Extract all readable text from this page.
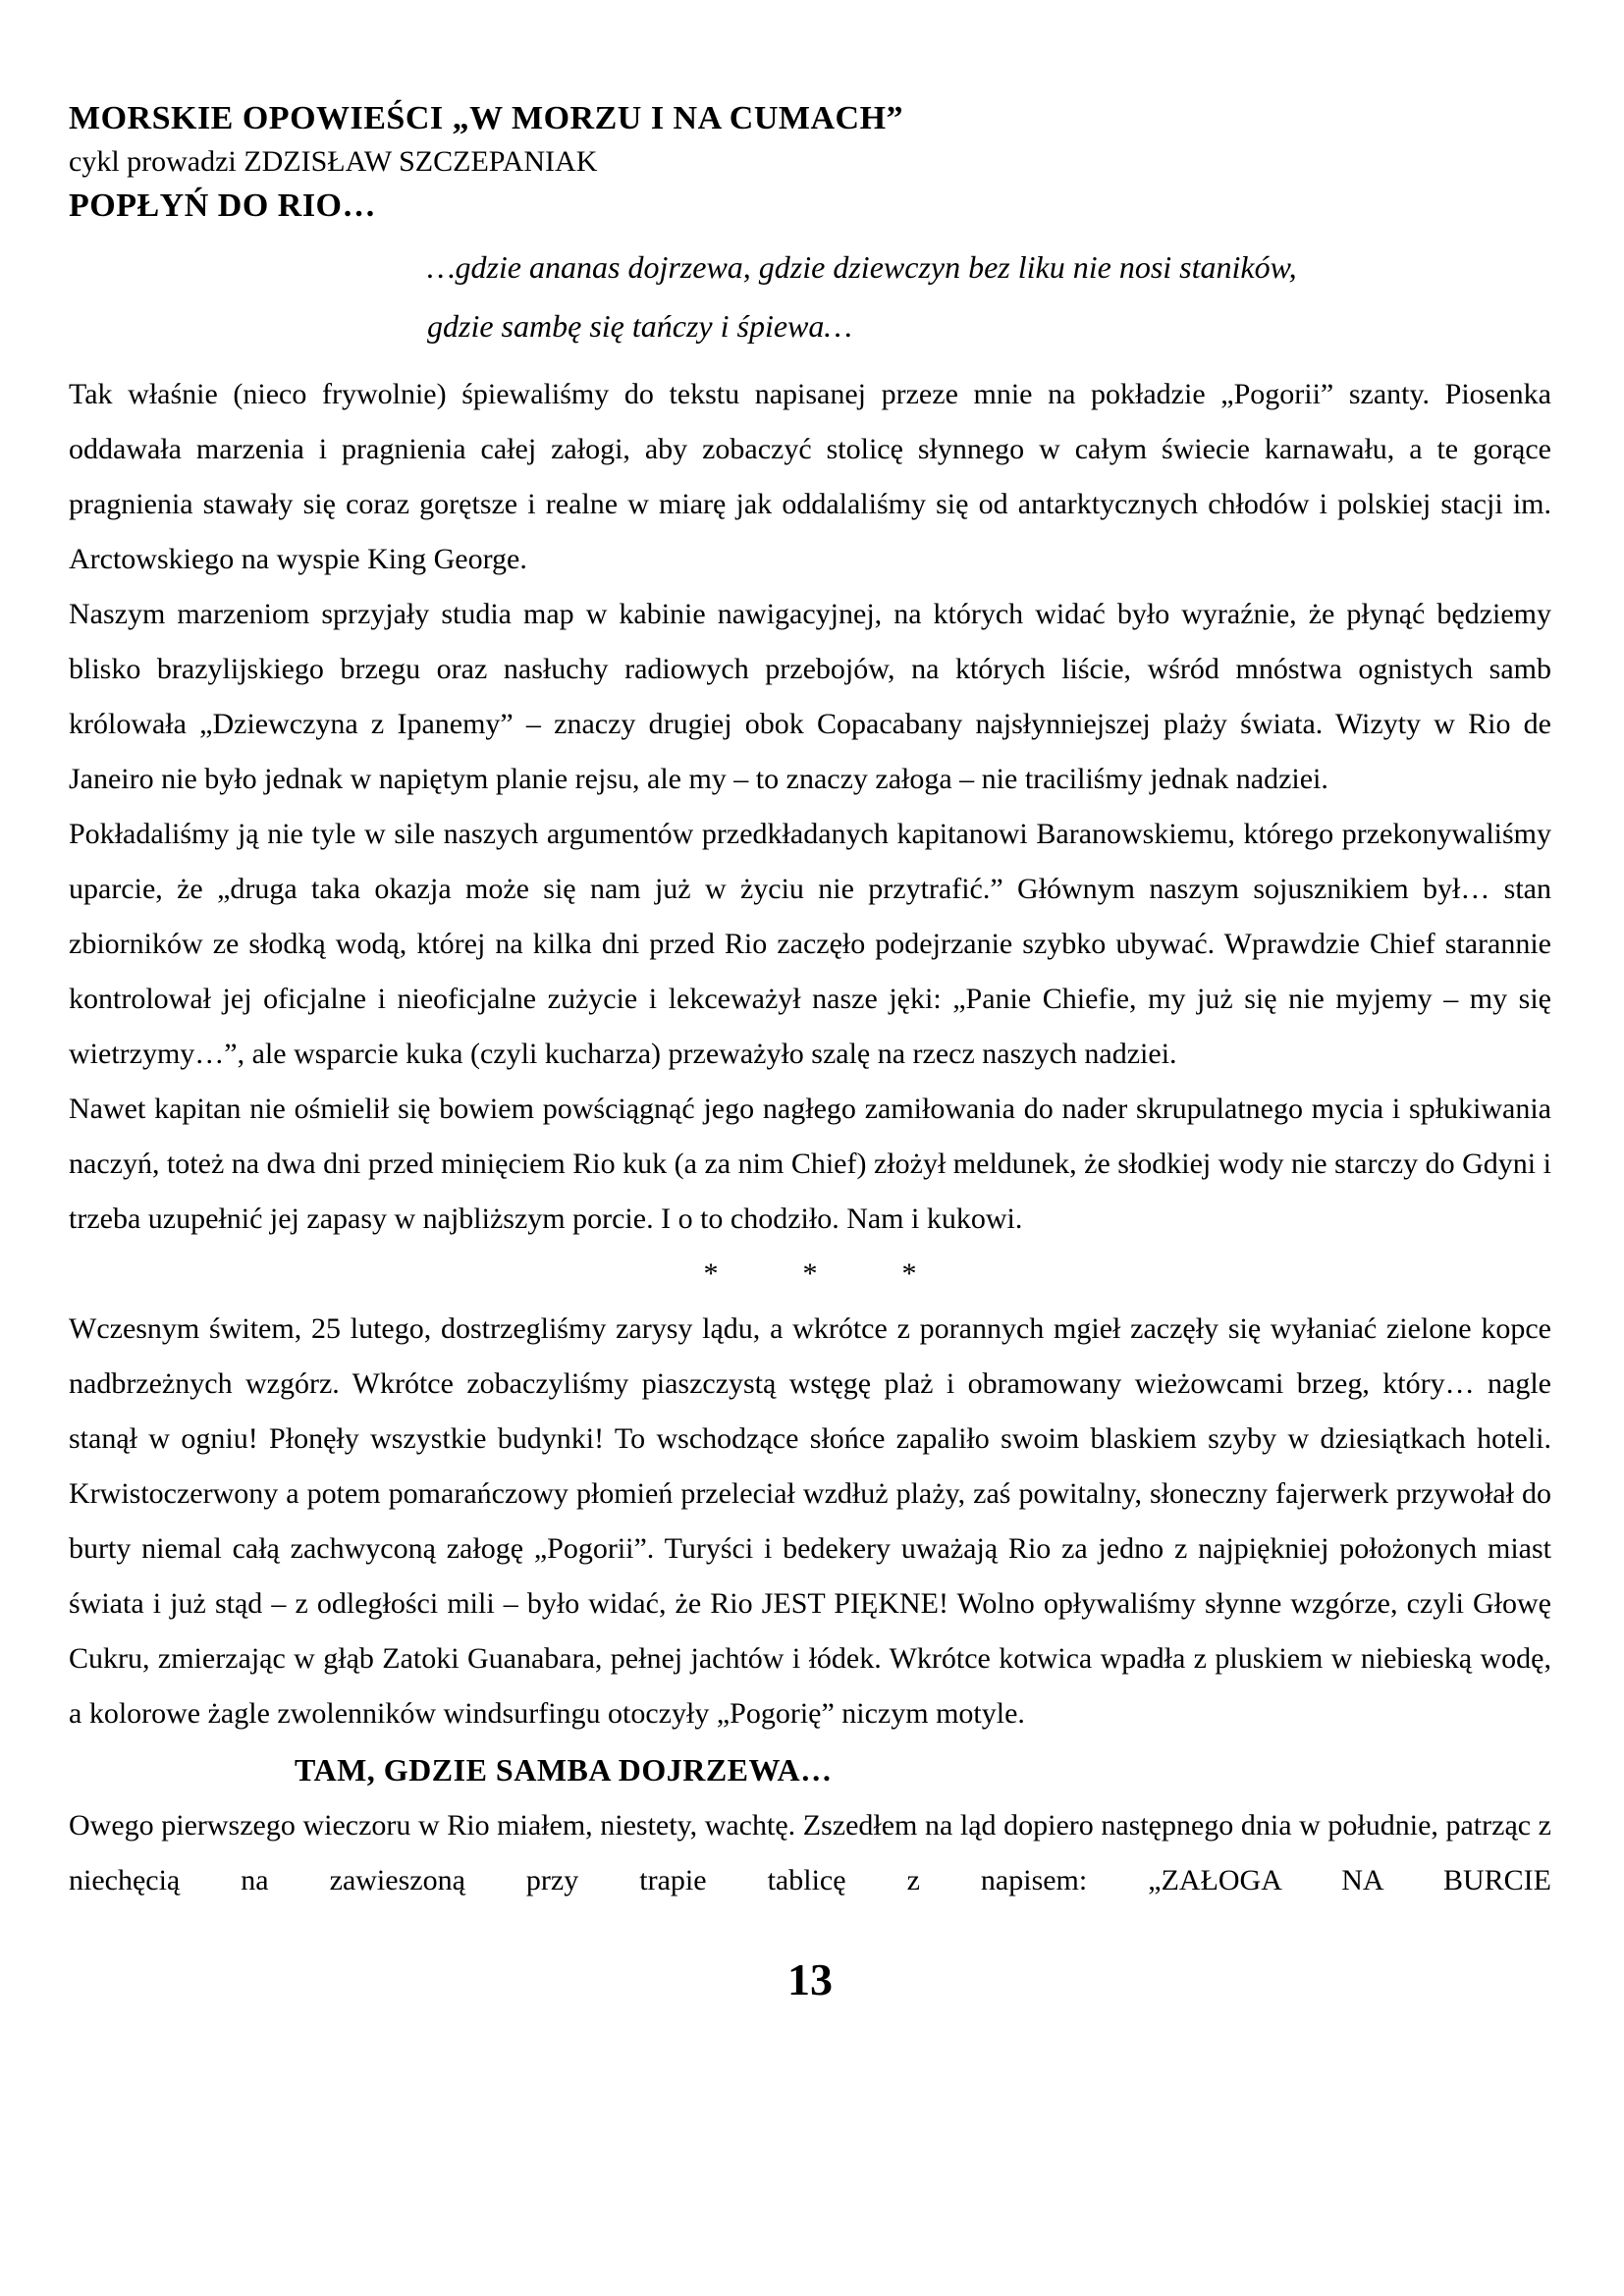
MORSKIE OPOWIEŚCI „W MORZU I NA CUMACH”
cykl prowadzi ZDZISŁAW SZCZEPANIAK
POPŁYŃ DO RIO…
…gdzie ananas dojrzewa, gdzie dziewczyn bez liku nie nosi staników,
gdzie sambę się tańczy i śpiewa…

Tak właśnie (nieco frywolnie) śpiewaliśmy do tekstu napisanej przeze mnie na pokładzie „Pogorii” szanty. Piosenka oddawała marzenia i pragnienia całej załogi, aby zobaczyć stolicę słynnego w całym świecie karnawału, a te gorące pragnienia stawały się coraz gorętsze i realne w miarę jak oddalaliśmy się od antarktycznych chłodów i polskiej stacji im. Arctowskiego na wyspie King George.

Naszym marzeniom sprzyjały studia map w kabinie nawigacyjnej, na których widać było wyraźnie, że płynąć będziemy blisko brazylijskiego brzegu oraz nasłuchy radiowych przebojów, na których liście, wśród mnóstwa ognistych samb królowała „Dziewczyna z Ipanemy” – znaczy drugiej obok Copacabany najsłynniejszej plaży świata. Wizyty w Rio de Janeiro nie było jednak w napiętym planie rejsu, ale my – to znaczy załoga – nie traciliśmy jednak nadziei.

Pokładaliśmy ją nie tyle w sile naszych argumentów przedkładanych kapitanowi Baranowskiemu, którego przekonywaliśmy uparcie, że „druga taka okazja może się nam już w życiu nie przytrafić.” Głównym naszym sojusznikiem był… stan zbiorników ze słodką wodą, której na kilka dni przed Rio zaczęło podejrzanie szybko ubywać. Wprawdzie Chief starannie kontrolował jej oficjalne i nieoficjalne zużycie i lekceważył nasze jęki: „Panie Chiefie, my już się nie myjemy – my się wietrzymy…”, ale wsparcie kuka (czyli kucharza) przeważyło szalę na rzecz naszych nadziei.

Nawet kapitan nie ośmielił się bowiem powściągnąć jego nagłego zamiłowania do nader skrupulatnego mycia i spłukiwania naczyń, toteż na dwa dni przed minięciem Rio kuk (a za nim Chief) złożył meldunek, że słodkiej wody nie starczy do Gdyni i trzeba uzupełnić jej zapasy w najbliższym porcie. I o to chodziło. Nam i kukowi.

*	*	*

Wczesnym świtem, 25 lutego, dostrzegliśmy zarysy lądu, a wkrótce z porannych mgieł zaczęły się wyłaniać zielone kopce nadbrzeżnych wzgórz. Wkrótce zobaczyliśmy piaszczystą wstęgę plaż i obramowany wieżowcami brzeg, który… nagle stanął w ogniu! Płonęły wszystkie budynki! To wschodzące słońce zapaliło swoim blaskiem szyby w dziesiątkach hoteli. Krwistoczerwony a potem pomarańczowy płomień przeleciał wzdłuż plaży, zaś powitalny, słoneczny fajerwerk przywołał do burty niemal całą zachwyconą załogę „Pogorii”. Turyści i bedekery uważają Rio za jedno z najpiękniej położonych miast świata i już stąd – z odległości mili – było widać, że Rio JEST PIĘKNE! Wolno opływaliśmy słynne wzgórze, czyli Głowę Cukru, zmierzając w głąb Zatoki Guanabara, pełnej jachtów i łódek. Wkrótce kotwica wpadła z pluskiem w niebieską wodę, a kolorowe żagle zwolenników windsurfingu otoczyły „Pogorię” niczym motyle.

TAM, GDZIE SAMBA DOJRZEWA…

Owego pierwszego wieczoru w Rio miałem, niestety, wachtę. Zszedłem na ląd dopiero następnego dnia w południe, patrząc z niechęcią na zawieszoną przy trapie tablicę z napisem: „ZAŁOGA NA BURCIE

13
